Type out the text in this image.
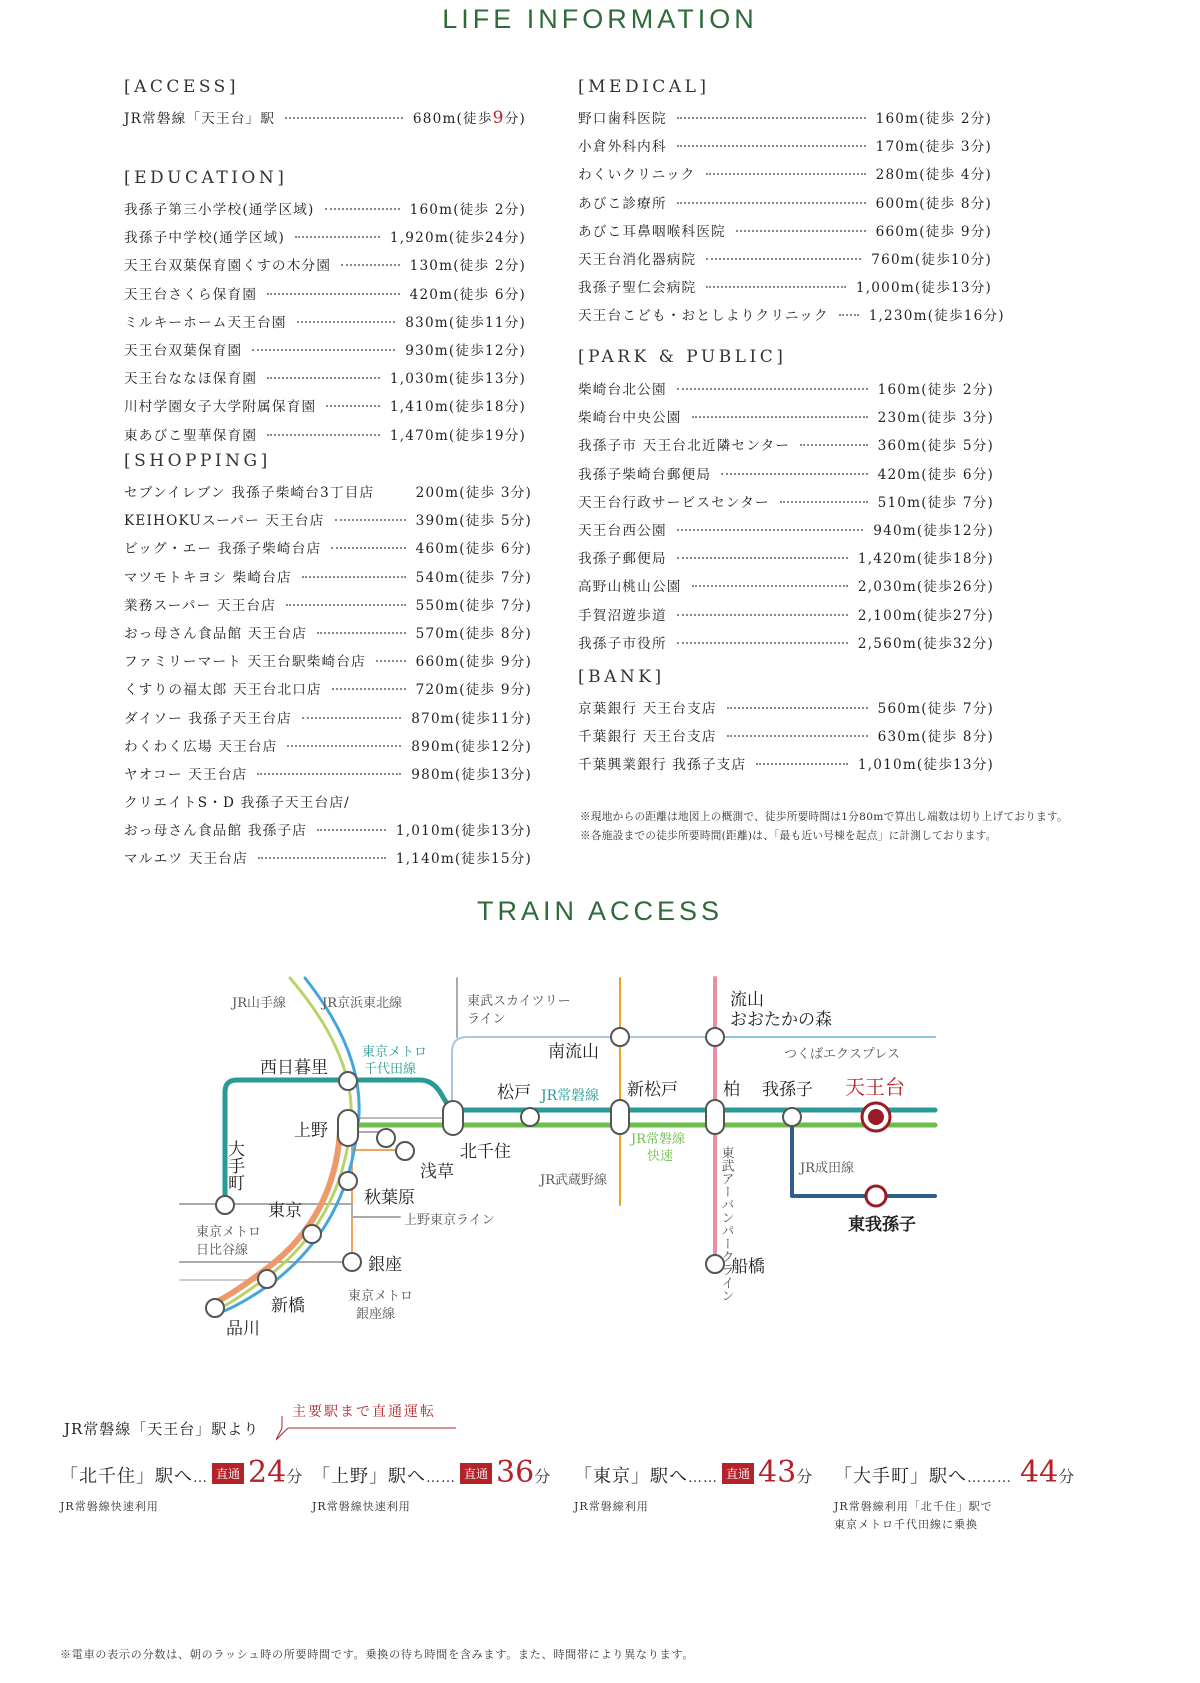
LIFE INFORMATION
[ACCESS]
JR常磐線「天王台」駅	680m(徒歩9分)
[EDUCATION]
我孫子第三小学校(通学区域)	160m(徒歩 2分)
我孫子中学校(通学区域)	1,920m(徒歩24分)
天王台双葉保育園くすの木分園	130m(徒歩 2分)
天王台さくら保育園	420m(徒歩 6分)
ミルキーホーム天王台園	830m(徒歩11分)
天王台双葉保育園	930m(徒歩12分)
天王台ななほ保育園	1,030m(徒歩13分)
川村学園女子大学附属保育園	1,410m(徒歩18分)
東あびこ聖華保育園	1,470m(徒歩19分)
[SHOPPING]
セブンイレブン 我孫子柴崎台3丁目店	200m(徒歩 3分)
KEIHOKUスーパー 天王台店	390m(徒歩 5分)
ビッグ・エー 我孫子柴崎台店	460m(徒歩 6分)
マツモトキヨシ 柴崎台店	540m(徒歩 7分)
業務スーパー 天王台店	550m(徒歩 7分)
おっ母さん食品館 天王台店	570m(徒歩 8分)
ファミリーマート 天王台駅柴崎台店	660m(徒歩 9分)
くすりの福太郎 天王台北口店	720m(徒歩 9分)
ダイソー 我孫子天王台店	870m(徒歩11分)
わくわく広場 天王台店	890m(徒歩12分)
ヤオコー 天王台店	980m(徒歩13分)
クリエイトS・D 我孫子天王台店/
おっ母さん食品館 我孫子店	1,010m(徒歩13分)
マルエツ 天王台店	1,140m(徒歩15分)
[MEDICAL]
野口歯科医院	160m(徒歩 2分)
小倉外科内科	170m(徒歩 3分)
わくいクリニック	280m(徒歩 4分)
あびこ診療所	600m(徒歩 8分)
あびこ耳鼻咽喉科医院	660m(徒歩 9分)
天王台消化器病院	760m(徒歩10分)
我孫子聖仁会病院	1,000m(徒歩13分)
天王台こども・おとしよりクリニック	1,230m(徒歩16分)
[PARK & PUBLIC]
柴崎台北公園	160m(徒歩 2分)
柴崎台中央公園	230m(徒歩 3分)
我孫子市 天王台北近隣センター	360m(徒歩 5分)
我孫子柴崎台郵便局	420m(徒歩 6分)
天王台行政サービスセンター	510m(徒歩 7分)
天王台西公園	940m(徒歩12分)
我孫子郵便局	1,420m(徒歩18分)
高野山桃山公園	2,030m(徒歩26分)
手賀沼遊歩道	2,100m(徒歩27分)
我孫子市役所	2,560m(徒歩32分)
[BANK]
京葉銀行 天王台支店	560m(徒歩 7分)
千葉銀行 天王台支店	630m(徒歩 8分)
千葉興業銀行 我孫子支店	1,010m(徒歩13分)
※現地からの距離は地図上の概測で、徒歩所要時間は1分80mで算出し端数は切り上げております。
※各施設までの徒歩所要時間(距離)は、「最も近い号棟を起点」に計測しております。
TRAIN ACCESS
JR山手線	JR京浜東北線	東武スカイツリー
ライン
つくばエクスプレス
JR武蔵野線
JR成田線
上野東京ライン
東京メトロ
日比谷線
東京メトロ
銀座線
東京メトロ
千代田線
JR常磐線
JR常磐線
快速	東武アーバンパークライン
西日暮里
上野
大手町
東京
秋葉原
浅草
北千住
銀座
新橋
品川
松戸
南流山
新松戸	柏 我孫子
流山
おおたかの森
船橋
東我孫子
天王台
JR常磐線「天王台」駅より
主要駅まで直通運転
「北千住」駅へ… 直通 24分
JR常磐線快速利用
「上野」駅へ…… 直通 36分
JR常磐線快速利用
「東京」駅へ…… 直通 43分
JR常磐線利用
「大手町」駅へ……… 44分
JR常磐線利用「北千住」駅で
東京メトロ千代田線に乗換
※電車の表示の分数は、朝のラッシュ時の所要時間です。乗換の待ち時間を含みます。また、時間帯により異なります。
